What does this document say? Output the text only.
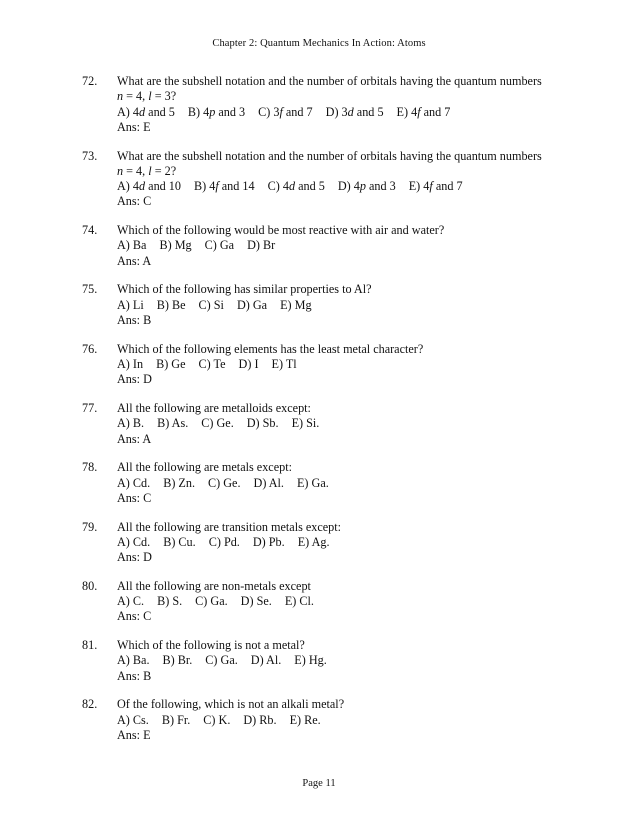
Chapter 2: Quantum Mechanics In Action: Atoms
72. What are the subshell notation and the number of orbitals having the quantum numbers
n = 4, l = 3?
A) 4d and 5 B) 4p and 3 C) 3f and 7 D) 3d and 5 E) 4f and 7
Ans: E
73. What are the subshell notation and the number of orbitals having the quantum numbers
n = 4, l = 2?
A) 4d and 10 B) 4f and 14 C) 4d and 5 D) 4p and 3 E) 4f and 7
Ans: C
74. Which of the following would be most reactive with air and water?
A) Ba B) Mg C) Ga D) Br
Ans: A
75. Which of the following has similar properties to Al?
A) Li B) Be C) Si D) Ga E) Mg
Ans: B
76. Which of the following elements has the least metal character?
A) In B) Ge C) Te D) I E) Tl
Ans: D
77. All the following are metalloids except:
A) B. B) As. C) Ge. D) Sb. E) Si.
Ans: A
78. All the following are metals except:
A) Cd. B) Zn. C) Ge. D) Al. E) Ga.
Ans: C
79. All the following are transition metals except:
A) Cd. B) Cu. C) Pd. D) Pb. E) Ag.
Ans: D
80. All the following are non-metals except
A) C. B) S. C) Ga. D) Se. E) Cl.
Ans: C
81. Which of the following is not a metal?
A) Ba. B) Br. C) Ga. D) Al. E) Hg.
Ans: B
82. Of the following, which is not an alkali metal?
A) Cs. B) Fr. C) K. D) Rb. E) Re.
Ans: E
Page 11
